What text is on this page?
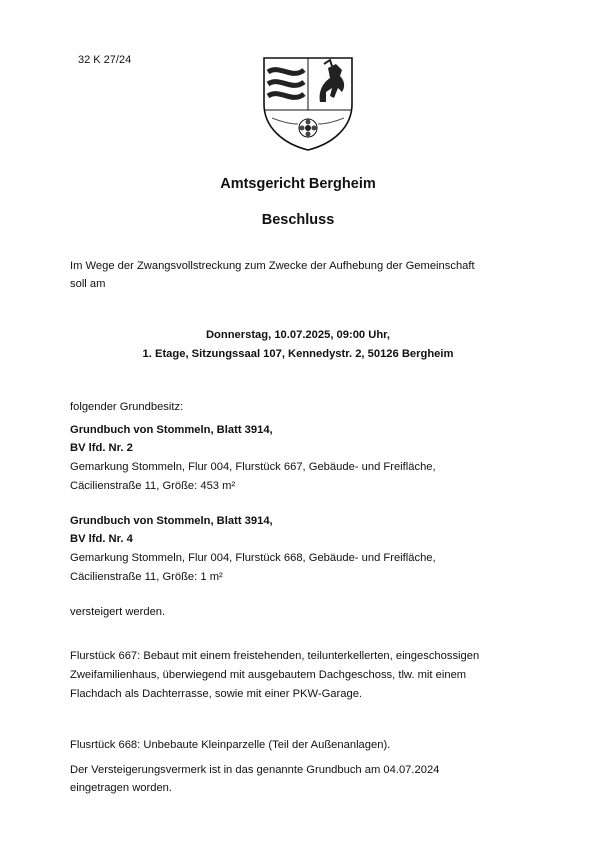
32 K 27/24
Amtsgericht Bergheim
Beschluss
Im Wege der Zwangsvollstreckung zum Zwecke der Aufhebung der Gemeinschaft
soll am
Donnerstag, 10.07.2025, 09:00 Uhr,
1. Etage, Sitzungssaal 107, Kennedystr. 2, 50126 Bergheim
folgender Grundbesitz:
Grundbuch von Stommeln, Blatt 3914,
BV lfd. Nr. 2
Gemarkung Stommeln, Flur 004, Flurstück 667, Gebäude- und Freifläche,
Cäcilienstraße 11, Größe: 453 m²
Grundbuch von Stommeln, Blatt 3914,
BV lfd. Nr. 4
Gemarkung Stommeln, Flur 004, Flurstück 668, Gebäude- und Freifläche,
Cäcilienstraße 11, Größe: 1 m²
versteigert werden.
Flurstück 667: Bebaut mit einem freistehenden, teilunterkellerten, eingeschossigen
Zweifamilienhaus, überwiegend mit ausgebautem Dachgeschoss, tlw. mit einem
Flachdach als Dachterrasse, sowie mit einer PKW-Garage.
Flusrtück 668: Unbebaute Kleinparzelle (Teil der Außenanlagen).
Der Versteigerungsvermerk ist in das genannte Grundbuch am 04.07.2024
eingetragen worden.
